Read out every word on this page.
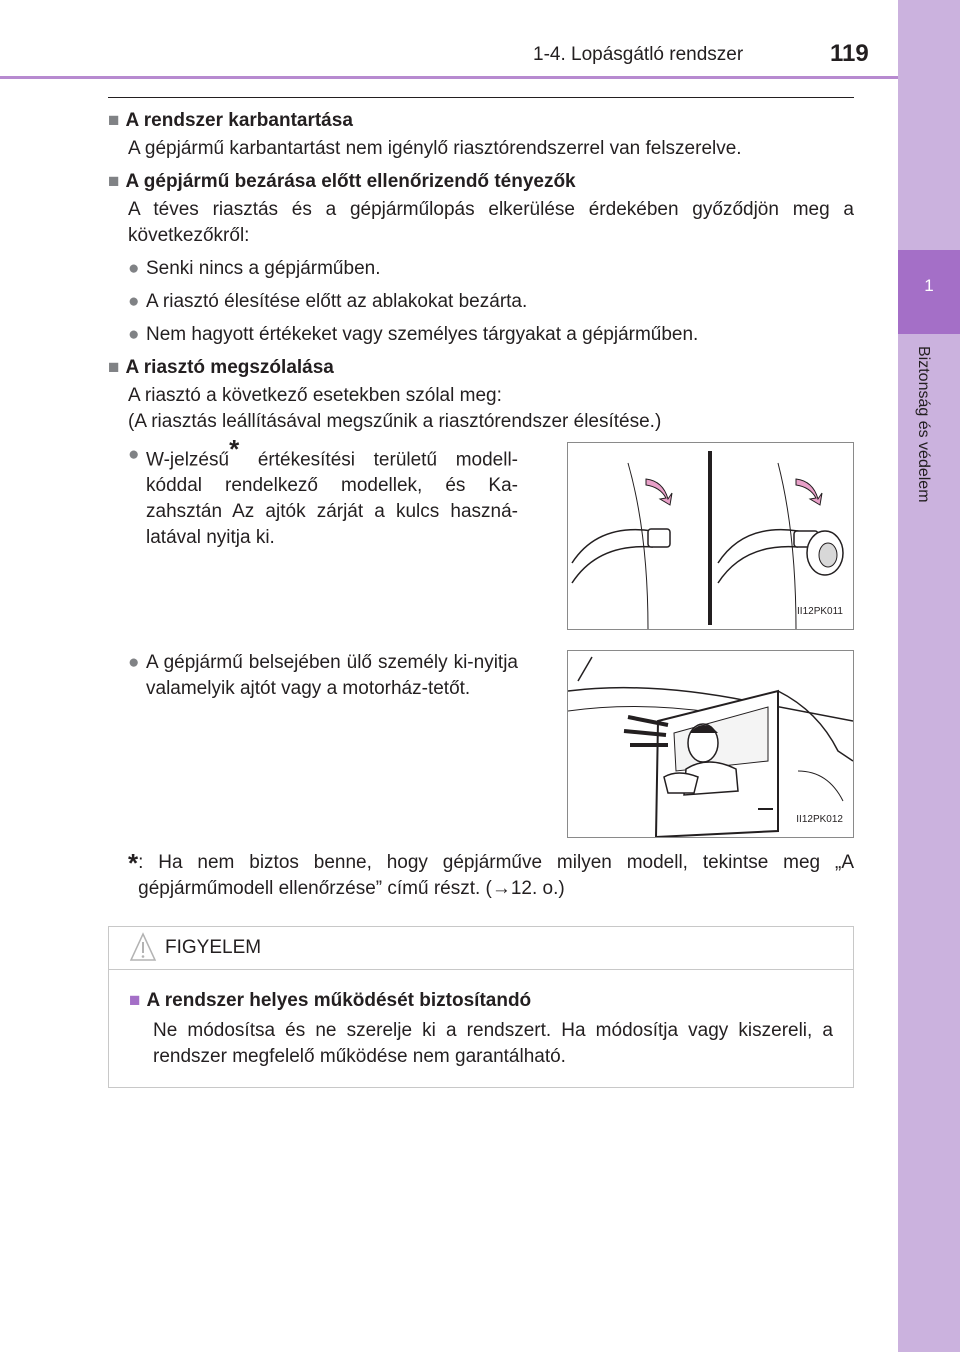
1
Biztonság és védelem
1-4. Lopásgátló rendszer	119

■ A rendszer karbantartása

A gépjármű karbantartást nem igénylő riasztórendszerrel van felszerelve.

■ A gépjármű bezárása előtt ellenőrizendő tényezők

A téves riasztás és a gépjárműlopás elkerülése érdekében győződjön meg a következőkről:

● Senki nincs a gépjárműben.
● A riasztó élesítése előtt az ablakokat bezárta.
● Nem hagyott értékeket vagy személyes tárgyakat a gépjárműben.

■ A riasztó megszólalása

A riasztó a következő esetekben szólal meg:

(A riasztás leállításával megszűnik a riasztórendszer élesítése.)

● W-jelzésű* értékesítési területű modell-kóddal rendelkező modellek, és Ka-zahsztán Az ajtók zárját a kulcs haszná-latával nyitja ki.
II12PK011
● A gépjármű belsejében ülő személy ki-nyitja valamelyik ajtót vagy a motorház-tetőt.
II12PK012
* : Ha nem biztos benne, hogy gépjárműve milyen modell, tekintse meg „A gépjárműmodell ellenőrzése” című részt. (→12. o.)
FIGYELEM

■ A rendszer helyes működését biztosítandó

Ne módosítsa és ne szerelje ki a rendszert. Ha módosítja vagy kiszereli, a rendszer megfelelő működése nem garantálható.
